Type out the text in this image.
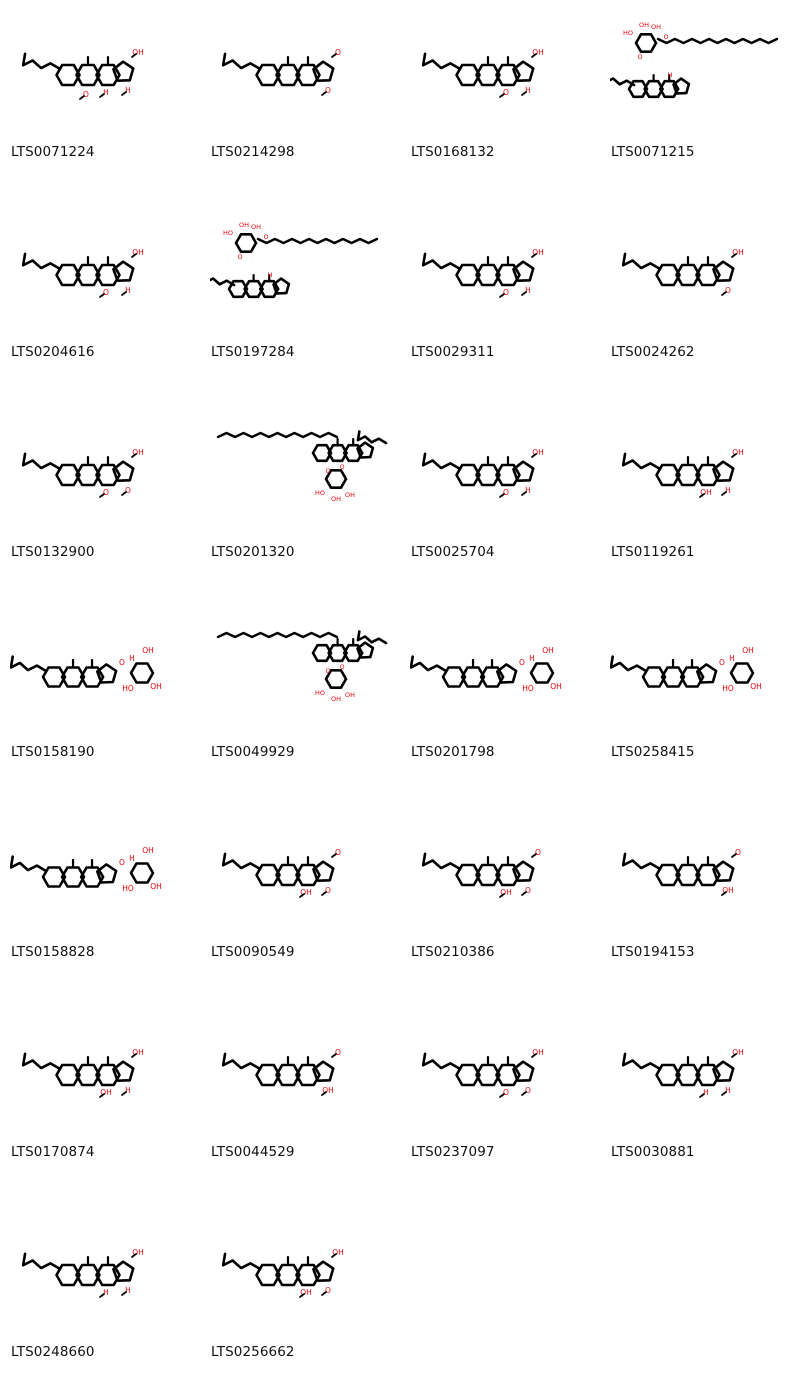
OH
H
H
O
LTS0071224
O
O
LTS0214298
OH
H
O
LTS0168132
HO
OH OH
O
O
H
LTS0071215
OH
H
O
LTS0204616
HO
OH OH
O
O
H
LTS0197284
OH
H
O
LTS0029311
OH
O
LTS0024262
OH
O
O
LTS0132900
HO
OH OH
O O
LTS0201320
OH
H
O
LTS0025704
OH
H
OH
LTS0119261
O
OH
H
HO OH
LTS0158190
HO
OH OH
O O
LTS0049929
O
OH
H
HO OH
LTS0201798
O
OH
H
HO OH
LTS0258415
O
OH
H
HO OH
LTS0158828
O
O
OH
LTS0090549
O
O
OH
LTS0210386
O
OH
LTS0194153
OH
H
OH
LTS0170874
O
OH
LTS0044529
OH
O
O
LTS0237097
OH
H
H
LTS0030881
OH
H
H
LTS0248660
OH
O
OH
LTS0256662
